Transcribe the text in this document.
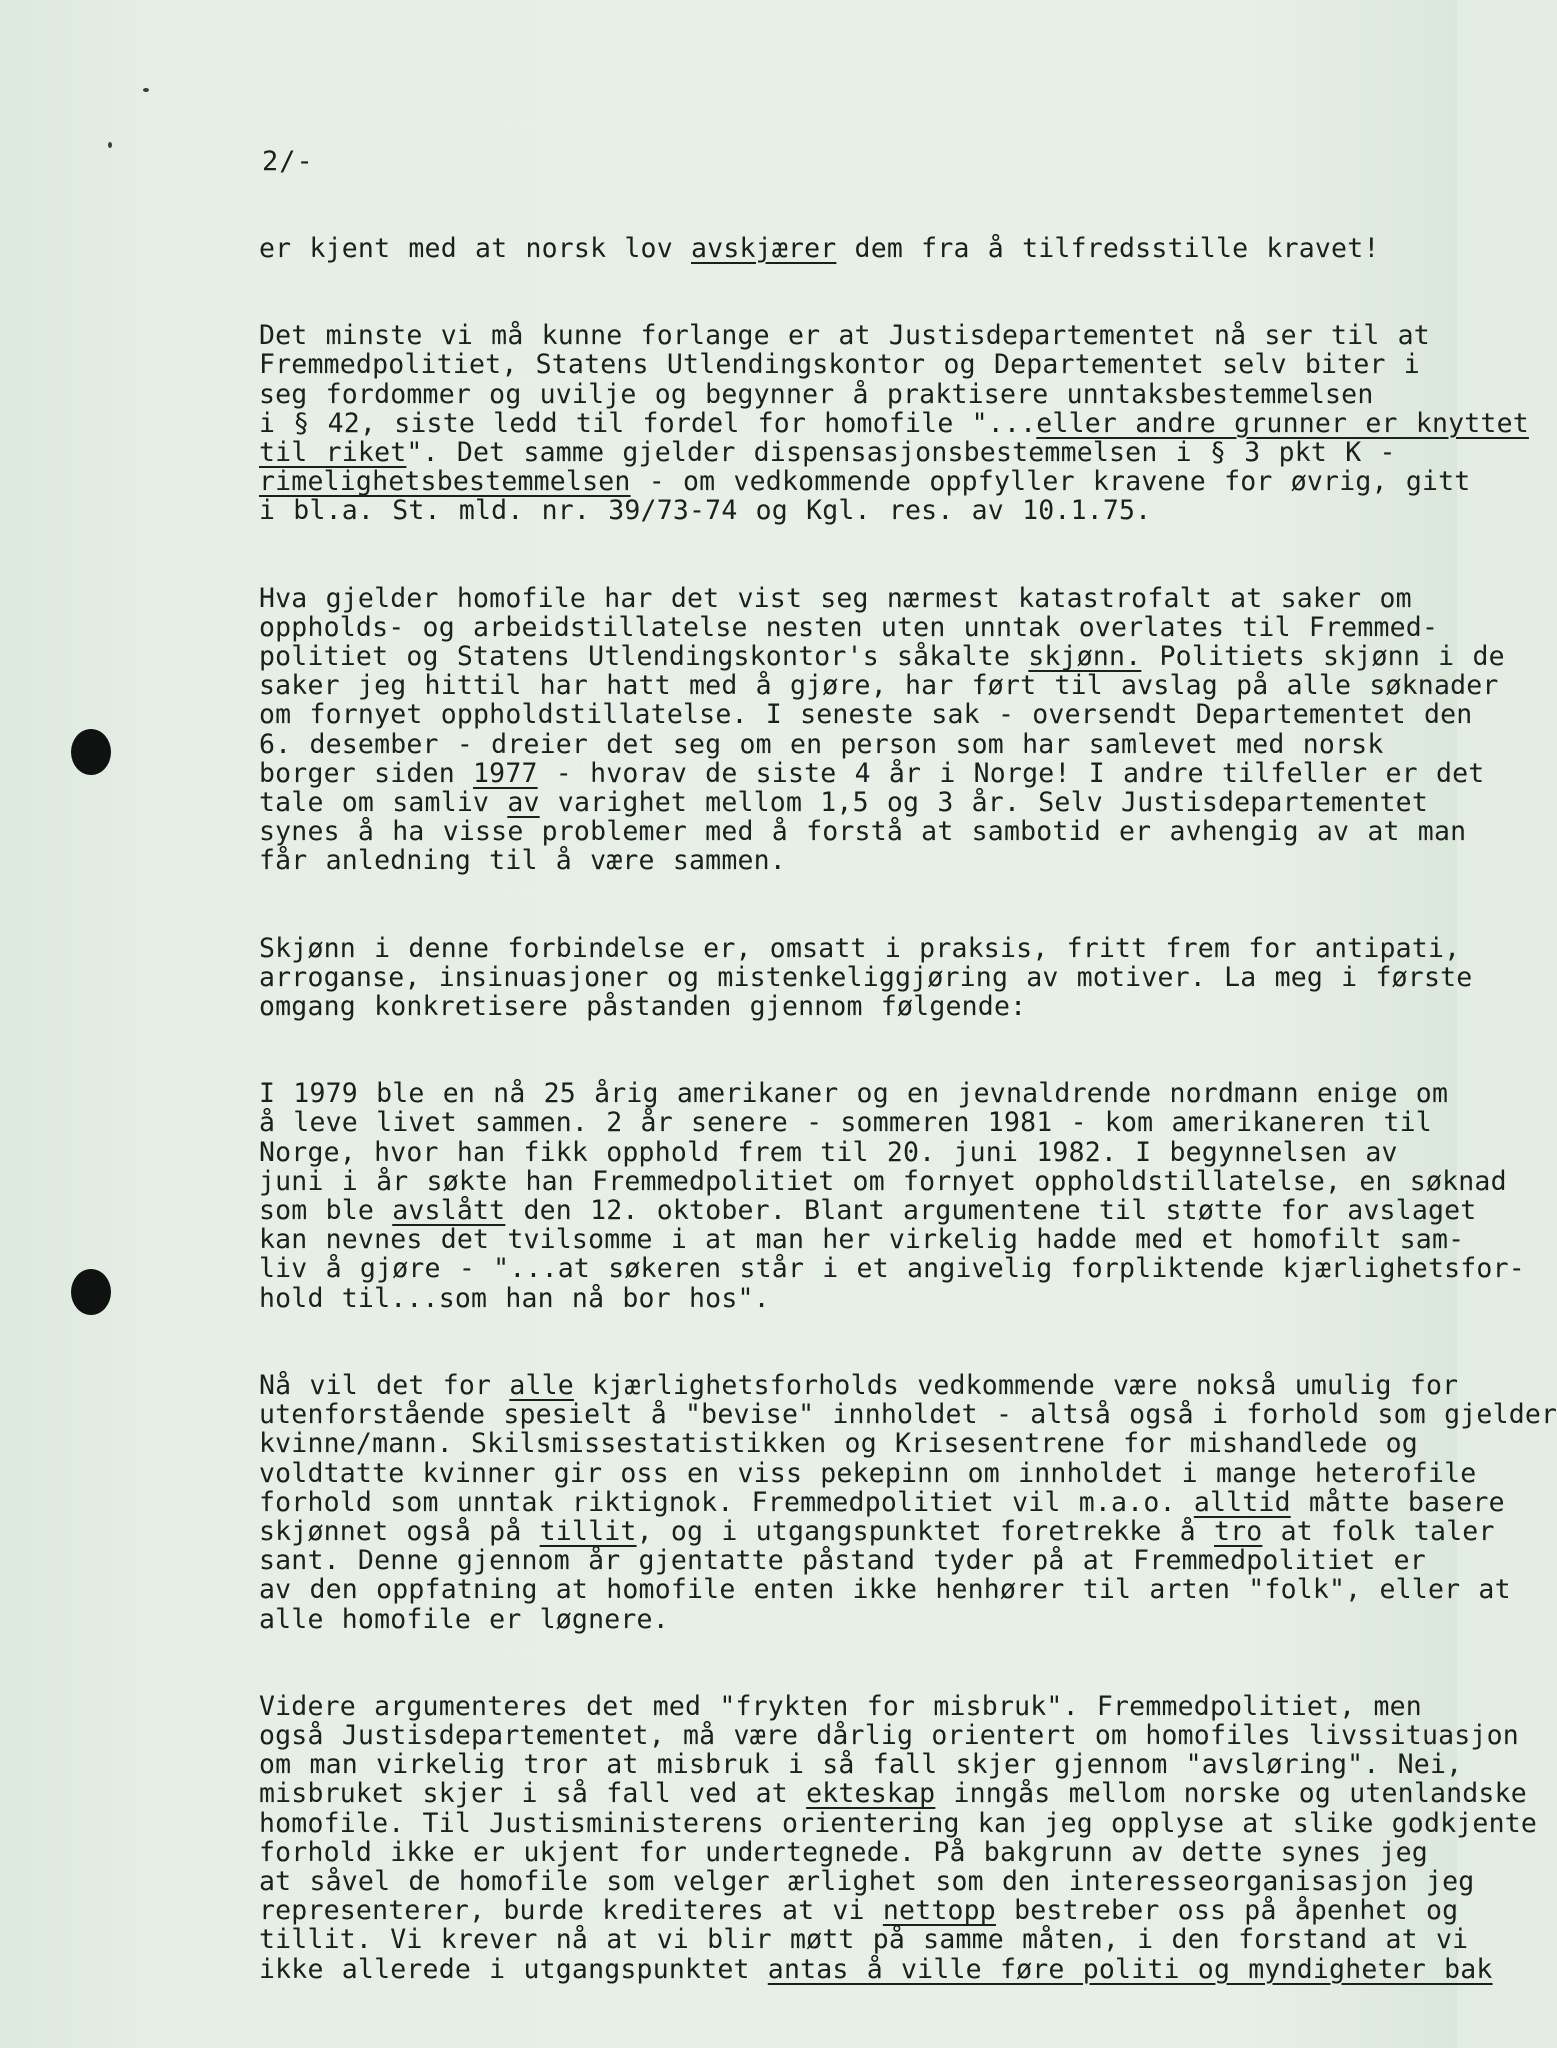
2/-
er kjent med at norsk lov avskjærer dem fra å tilfredsstille kravet!
Det minste vi må kunne forlange er at Justisdepartementet nå ser til at
Fremmedpolitiet, Statens Utlendingskontor og Departementet selv biter i
seg fordommer og uvilje og begynner å praktisere unntaksbestemmelsen
i § 42, siste ledd til fordel for homofile "...eller andre grunner er knyttet
til riket". Det samme gjelder dispensasjonsbestemmelsen i § 3 pkt K -
rimelighetsbestemmelsen - om vedkommende oppfyller kravene for øvrig, gitt
i bl.a. St. mld. nr. 39/73-74 og Kgl. res. av 10.1.75.
Hva gjelder homofile har det vist seg nærmest katastrofalt at saker om
oppholds- og arbeidstillatelse nesten uten unntak overlates til Fremmed-
politiet og Statens Utlendingskontor's såkalte skjønn. Politiets skjønn i de
saker jeg hittil har hatt med å gjøre, har ført til avslag på alle søknader
om fornyet oppholdstillatelse. I seneste sak - oversendt Departementet den
6. desember - dreier det seg om en person som har samlevet med norsk
borger siden 1977 - hvorav de siste 4 år i Norge! I andre tilfeller er det
tale om samliv av varighet mellom 1,5 og 3 år. Selv Justisdepartementet
synes å ha visse problemer med å forstå at sambotid er avhengig av at man
får anledning til å være sammen.
Skjønn i denne forbindelse er, omsatt i praksis, fritt frem for antipati,
arroganse, insinuasjoner og mistenkeliggjøring av motiver. La meg i første
omgang konkretisere påstanden gjennom følgende:
I 1979 ble en nå 25 årig amerikaner og en jevnaldrende nordmann enige om
å leve livet sammen. 2 år senere - sommeren 1981 - kom amerikaneren til
Norge, hvor han fikk opphold frem til 20. juni 1982. I begynnelsen av
juni i år søkte han Fremmedpolitiet om fornyet oppholdstillatelse, en søknad
som ble avslått den 12. oktober. Blant argumentene til støtte for avslaget
kan nevnes det tvilsomme i at man her virkelig hadde med et homofilt sam-
liv å gjøre - "...at søkeren står i et angivelig forpliktende kjærlighetsfor-
hold til...som han nå bor hos".
Nå vil det for alle kjærlighetsforholds vedkommende være nokså umulig for
utenforstående spesielt å "bevise" innholdet - altså også i forhold som gjelder
kvinne/mann. Skilsmissestatistikken og Krisesentrene for mishandlede og
voldtatte kvinner gir oss en viss pekepinn om innholdet i mange heterofile
forhold som unntak riktignok. Fremmedpolitiet vil m.a.o. alltid måtte basere
skjønnet også på tillit, og i utgangspunktet foretrekke å tro at folk taler
sant. Denne gjennom år gjentatte påstand tyder på at Fremmedpolitiet er
av den oppfatning at homofile enten ikke henhører til arten "folk", eller at
alle homofile er løgnere.
Videre argumenteres det med "frykten for misbruk". Fremmedpolitiet, men
også Justisdepartementet, må være dårlig orientert om homofiles livssituasjon
om man virkelig tror at misbruk i så fall skjer gjennom "avsløring". Nei,
misbruket skjer i så fall ved at ekteskap inngås mellom norske og utenlandske
homofile. Til Justisministerens orientering kan jeg opplyse at slike godkjente
forhold ikke er ukjent for undertegnede. På bakgrunn av dette synes jeg
at såvel de homofile som velger ærlighet som den interesseorganisasjon jeg
representerer, burde krediteres at vi nettopp bestreber oss på åpenhet og
tillit. Vi krever nå at vi blir møtt på samme måten, i den forstand at vi
ikke allerede i utgangspunktet antas å ville føre politi og myndigheter bak
